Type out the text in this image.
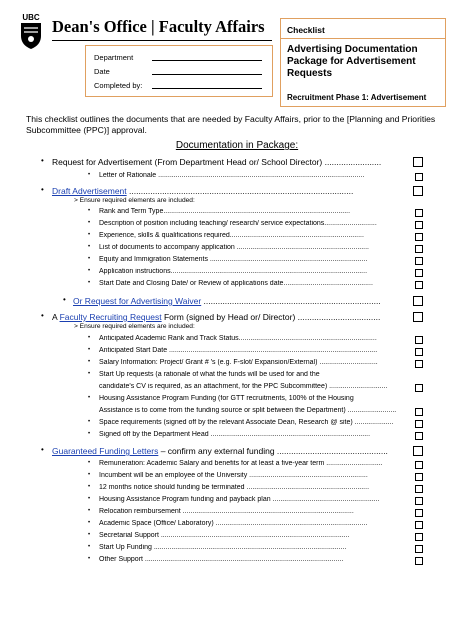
UBC Dean's Office | Faculty Affairs
Department
Date
Completed by:
Checklist
Advertising Documentation Package for Advertisement Requests
Recruitment Phase 1: Advertisement
This checklist outlines the documents that are needed by Faculty Affairs, prior to the [Planning and Priorities Subcommittee (PPC)] approval.
Documentation in Package:
• Request for Advertisement (From Department Head or/ School Director) ........................
• Letter of Rationale ..........................................................................................................
• Draft Advertisement ...............................................................................................
> Ensure required elements are included:
• Rank and Term Type................................................................................................
• Description of position including teaching/ research/ service expectations...........................
• Experience, skills & qualifications required.....................................................................
• List of documents to accompany application ....................................................................
• Equity and Immigration Statements .................................................................................
• Application instructions.....................................................................................................
• Start Date and Closing Date/ or Review of applications date..............................................
• Or Request for Advertising Waiver ...........................................................................
• A Faculty Recruiting Request Form (signed by Head or/ Director) ...................................
> Ensure required elements are included:
• Anticipated Academic Rank and Track Status.......................................................................
• Anticipated Start Date ...........................................................................................................
• Salary Information: Project/ Grant # 's (e.g. F-slot/ Expansion/External) ..............................
• Start Up requests (a rationale of what the funds will be used for and the
candidate's CV is required, as an attachment, for the PPC Subcommittee) ..............................
• Housing Assistance Program Funding (for GTT recruitments, 100% of the Housing
Assistance is to come from the funding source or split between the Department) .........................
• Space requirements (signed off by the relevant Associate Dean, Research @ site) ....................
• Signed off by the Department Head ..................................................................................
• Guaranteed Funding Letters – confirm any external funding ...............................................
• Remuneration: Academic Salary and benefits for at least a five-year term .............................
• Incumbent will be an employee of the University .............................................................
• 12 months notice should funding be terminated ...............................................................
• Housing Assistance Program funding and payback plan .......................................................
• Relocation reimbursement ........................................................................................
• Academic Space (Office/ Laboratory) ..............................................................................
• Secretarial Support .................................................................................................
• Start Up Funding ...................................................................................................
• Other Support ......................................................................................................
